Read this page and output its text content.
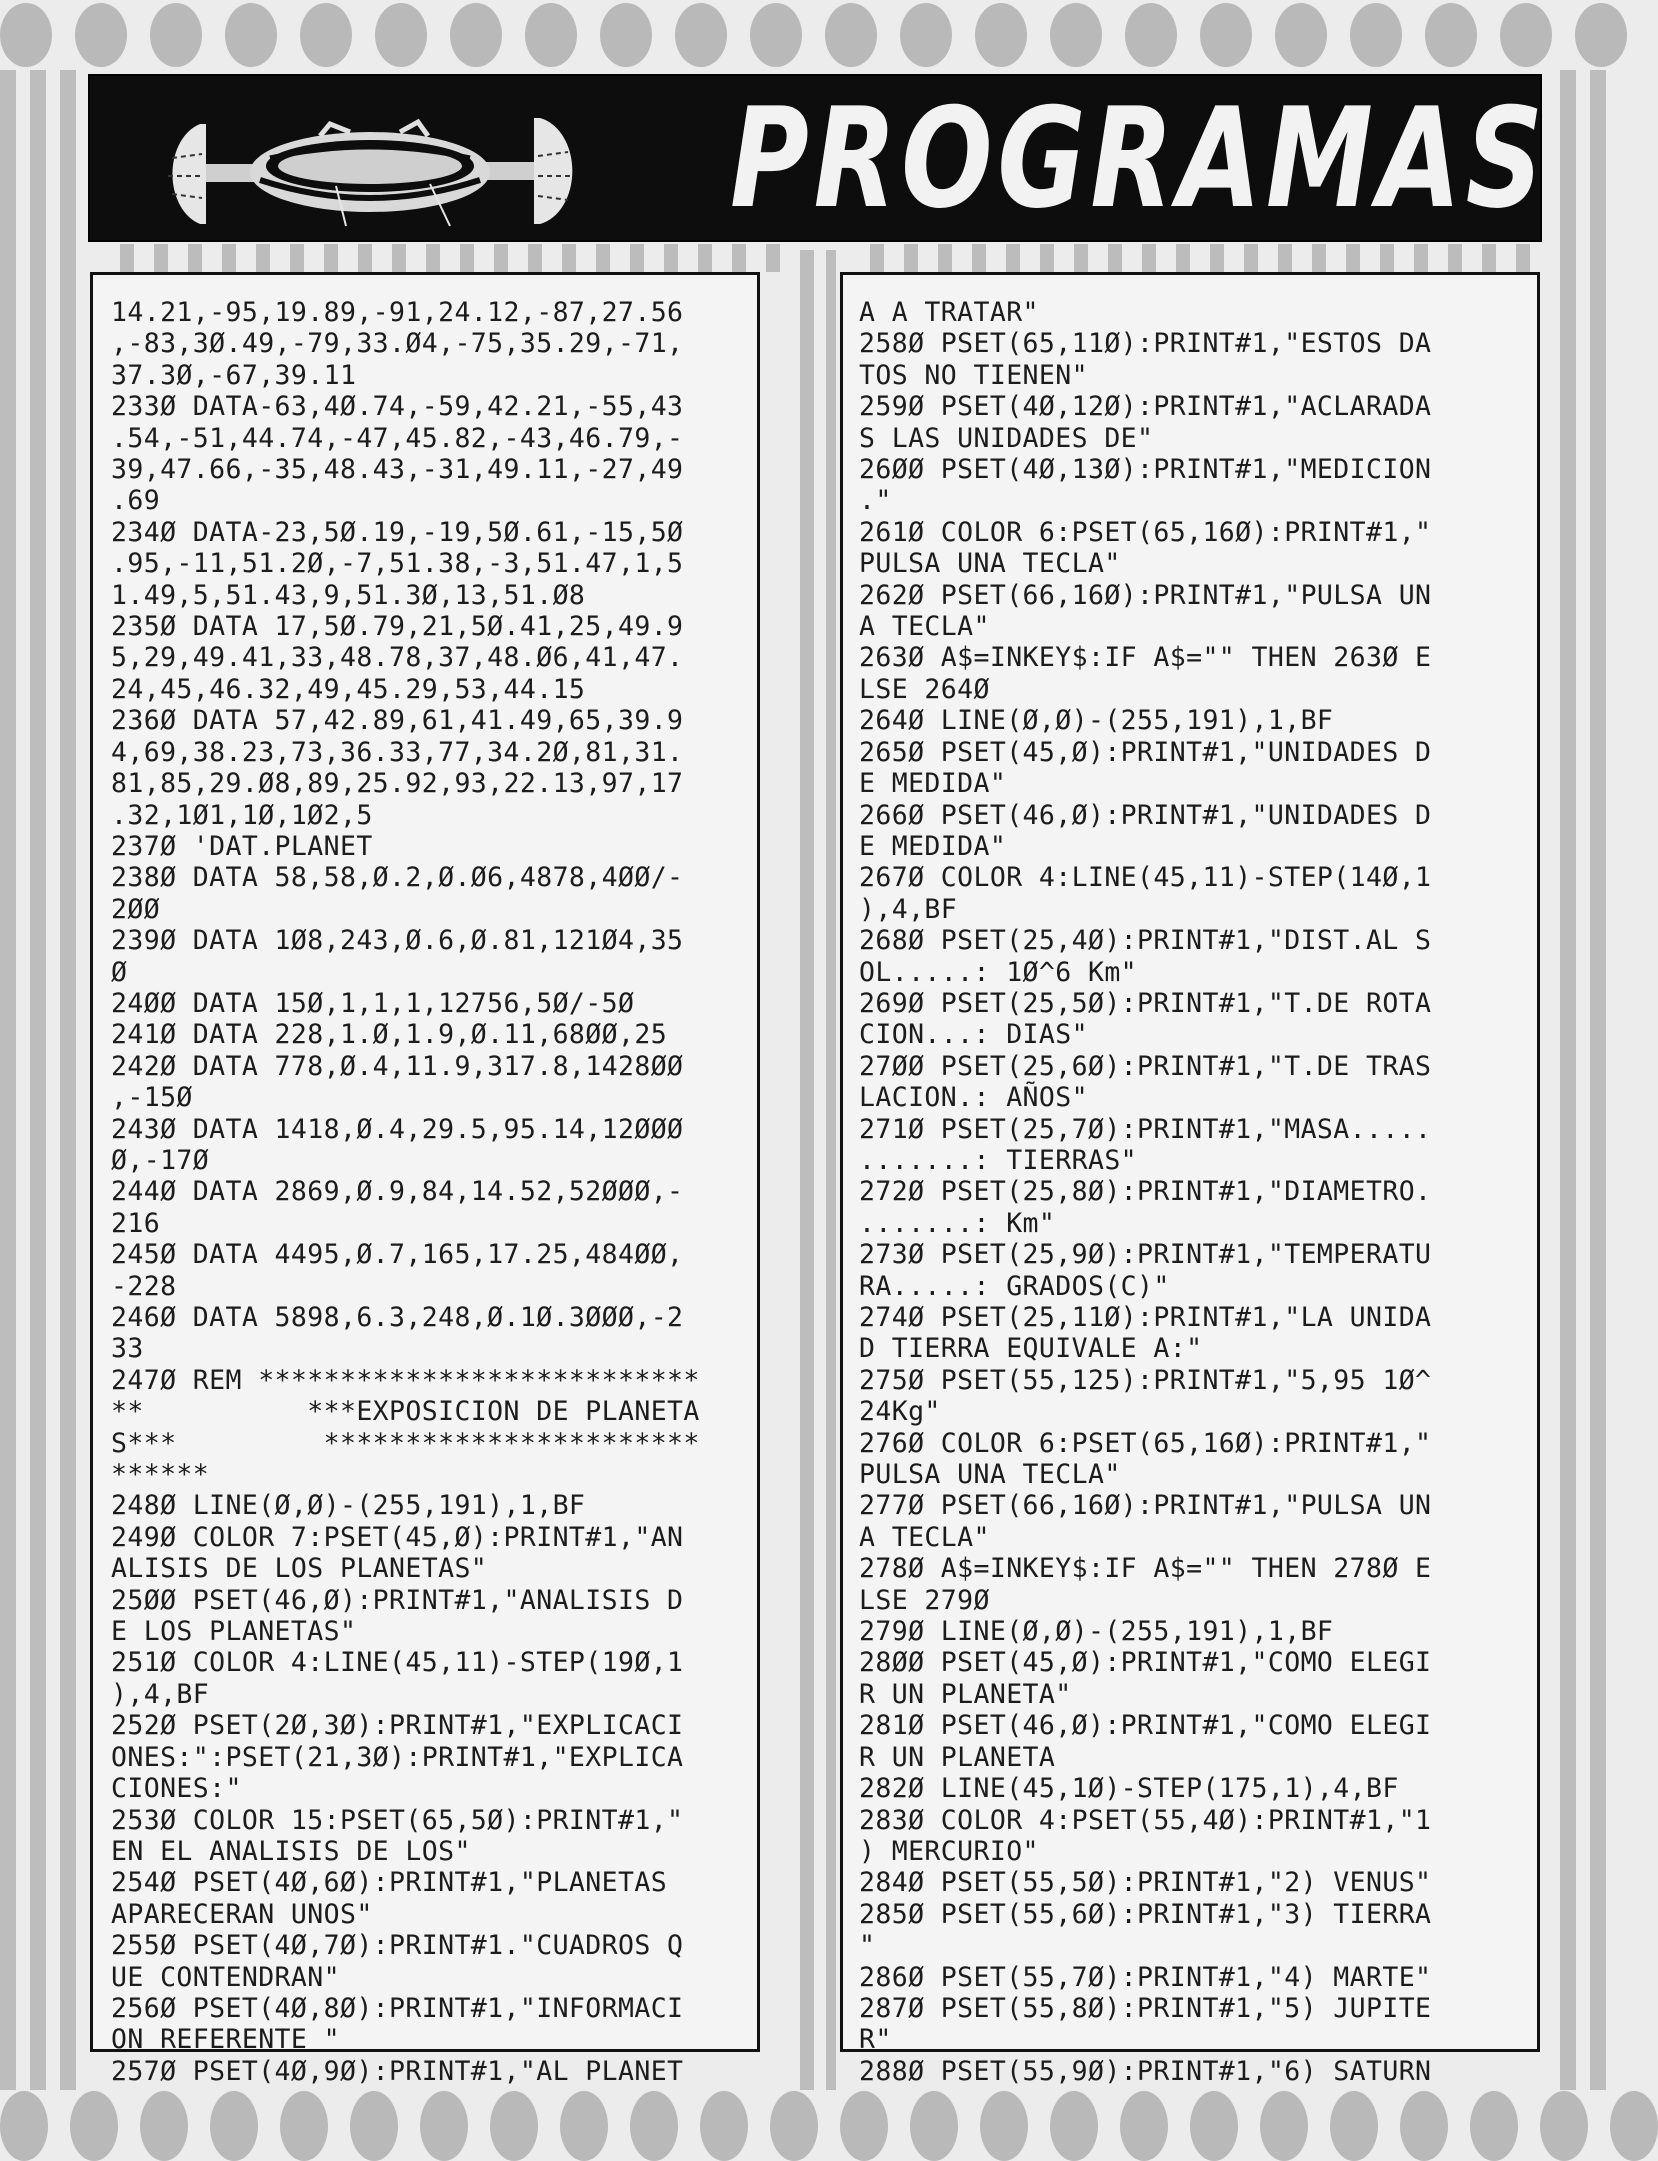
PROGRAMAS
14.21,-95,19.89,-91,24.12,-87,27.56
,-83,3Ø.49,-79,33.Ø4,-75,35.29,-71,
37.3Ø,-67,39.11
233Ø DATA-63,4Ø.74,-59,42.21,-55,43
.54,-51,44.74,-47,45.82,-43,46.79,-
39,47.66,-35,48.43,-31,49.11,-27,49
.69
234Ø DATA-23,5Ø.19,-19,5Ø.61,-15,5Ø
.95,-11,51.2Ø,-7,51.38,-3,51.47,1,5
1.49,5,51.43,9,51.3Ø,13,51.Ø8
235Ø DATA 17,5Ø.79,21,5Ø.41,25,49.9
5,29,49.41,33,48.78,37,48.Ø6,41,47.
24,45,46.32,49,45.29,53,44.15
236Ø DATA 57,42.89,61,41.49,65,39.9
4,69,38.23,73,36.33,77,34.2Ø,81,31.
81,85,29.Ø8,89,25.92,93,22.13,97,17
.32,1Ø1,1Ø,1Ø2,5
237Ø 'DAT.PLANET
238Ø DATA 58,58,Ø.2,Ø.Ø6,4878,4ØØ/-
2ØØ
239Ø DATA 1Ø8,243,Ø.6,Ø.81,121Ø4,35
Ø
24ØØ DATA 15Ø,1,1,1,12756,5Ø/-5Ø
241Ø DATA 228,1.Ø,1.9,Ø.11,68ØØ,25
242Ø DATA 778,Ø.4,11.9,317.8,1428ØØ
,-15Ø
243Ø DATA 1418,Ø.4,29.5,95.14,12ØØØ
Ø,-17Ø
244Ø DATA 2869,Ø.9,84,14.52,52ØØØ,-
216
245Ø DATA 4495,Ø.7,165,17.25,484ØØ,
-228
246Ø DATA 5898,6.3,248,Ø.1Ø.3ØØØ,-2
33
247Ø REM ***************************
**          ***EXPOSICION DE PLANETA
S***         ***********************
******
248Ø LINE(Ø,Ø)-(255,191),1,BF
249Ø COLOR 7:PSET(45,Ø):PRINT#1,"AN
ALISIS DE LOS PLANETAS"
25ØØ PSET(46,Ø):PRINT#1,"ANALISIS D
E LOS PLANETAS"
251Ø COLOR 4:LINE(45,11)-STEP(19Ø,1
),4,BF
252Ø PSET(2Ø,3Ø):PRINT#1,"EXPLICACI
ONES:":PSET(21,3Ø):PRINT#1,"EXPLICA
CIONES:"
253Ø COLOR 15:PSET(65,5Ø):PRINT#1,"
EN EL ANALISIS DE LOS"
254Ø PSET(4Ø,6Ø):PRINT#1,"PLANETAS
APARECERAN UNOS"
255Ø PSET(4Ø,7Ø):PRINT#1."CUADROS Q
UE CONTENDRAN"
256Ø PSET(4Ø,8Ø):PRINT#1,"INFORMACI
ON REFERENTE "
257Ø PSET(4Ø,9Ø):PRINT#1,"AL PLANET
A A TRATAR"
258Ø PSET(65,11Ø):PRINT#1,"ESTOS DA
TOS NO TIENEN"
259Ø PSET(4Ø,12Ø):PRINT#1,"ACLARADA
S LAS UNIDADES DE"
26ØØ PSET(4Ø,13Ø):PRINT#1,"MEDICION
."
261Ø COLOR 6:PSET(65,16Ø):PRINT#1,"
PULSA UNA TECLA"
262Ø PSET(66,16Ø):PRINT#1,"PULSA UN
A TECLA"
263Ø A$=INKEY$:IF A$="" THEN 263Ø E
LSE 264Ø
264Ø LINE(Ø,Ø)-(255,191),1,BF
265Ø PSET(45,Ø):PRINT#1,"UNIDADES D
E MEDIDA"
266Ø PSET(46,Ø):PRINT#1,"UNIDADES D
E MEDIDA"
267Ø COLOR 4:LINE(45,11)-STEP(14Ø,1
),4,BF
268Ø PSET(25,4Ø):PRINT#1,"DIST.AL S
OL.....: 1Ø^6 Km"
269Ø PSET(25,5Ø):PRINT#1,"T.DE ROTA
CION...: DIAS"
27ØØ PSET(25,6Ø):PRINT#1,"T.DE TRAS
LACION.: AÑOS"
271Ø PSET(25,7Ø):PRINT#1,"MASA.....
.......: TIERRAS"
272Ø PSET(25,8Ø):PRINT#1,"DIAMETRO.
.......: Km"
273Ø PSET(25,9Ø):PRINT#1,"TEMPERATU
RA.....: GRADOS(C)"
274Ø PSET(25,11Ø):PRINT#1,"LA UNIDA
D TIERRA EQUIVALE A:"
275Ø PSET(55,125):PRINT#1,"5,95 1Ø^
24Kg"
276Ø COLOR 6:PSET(65,16Ø):PRINT#1,"
PULSA UNA TECLA"
277Ø PSET(66,16Ø):PRINT#1,"PULSA UN
A TECLA"
278Ø A$=INKEY$:IF A$="" THEN 278Ø E
LSE 279Ø
279Ø LINE(Ø,Ø)-(255,191),1,BF
28ØØ PSET(45,Ø):PRINT#1,"COMO ELEGI
R UN PLANETA"
281Ø PSET(46,Ø):PRINT#1,"COMO ELEGI
R UN PLANETA
282Ø LINE(45,1Ø)-STEP(175,1),4,BF
283Ø COLOR 4:PSET(55,4Ø):PRINT#1,"1
) MERCURIO"
284Ø PSET(55,5Ø):PRINT#1,"2) VENUS"
285Ø PSET(55,6Ø):PRINT#1,"3) TIERRA
"
286Ø PSET(55,7Ø):PRINT#1,"4) MARTE"
287Ø PSET(55,8Ø):PRINT#1,"5) JUPITE
R"
288Ø PSET(55,9Ø):PRINT#1,"6) SATURN
